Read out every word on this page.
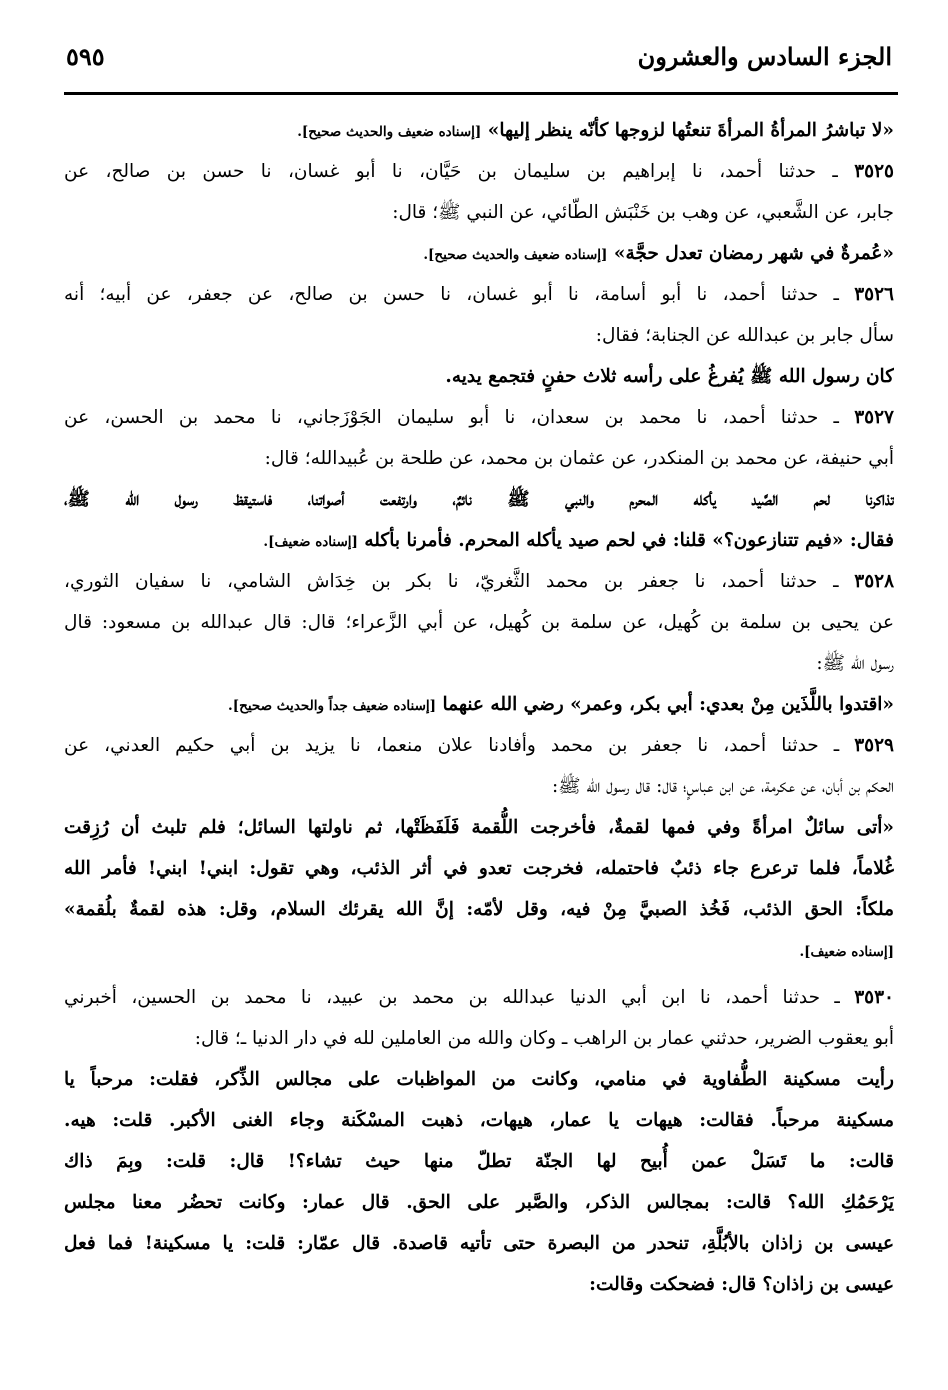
الجزء السادس والعشرون
٥٩٥
«لا تباشرُ المرأةُ المرأةَ تنعتُها لزوجها كأنّه ينظر إليها» [إسناده ضعيف والحديث صحيح].
٣٥٢٥ ـ حدثنا أحمد، نا إبراهيم بن سليمان بن حَيَّان، نا أبو غسان، نا حسن بن صالح، عن
جابر، عن الشَّعبي، عن وهب بن خَنْبَش الطّائي، عن النبي ﷺ؛ قال:
«عُمرةٌ في شهر رمضان تعدل حجَّة» [إسناده ضعيف والحديث صحيح].
٣٥٢٦ ـ حدثنا أحمد، نا أبو أسامة، نا أبو غسان، نا حسن بن صالح، عن جعفر، عن أبيه؛ أنه
سأل جابر بن عبدالله عن الجنابة؛ فقال:
كان رسول الله ﷺ يُفرغُ على رأسه ثلاث حفنٍ فتجمع يديه.
٣٥٢٧ ـ حدثنا أحمد، نا محمد بن سعدان، نا أبو سليمان الجَوْزَجاني، نا محمد بن الحسن، عن
أبي حنيفة، عن محمد بن المنكدر، عن عثمان بن محمد، عن طلحة بن عُبيدالله؛ قال:
تذاكرنا لحم الصَّيد يأكله المحرم والنبي ﷺ نائمٌ، وارتفعت أصواتنا، فاستيقظ رسول الله ﷺ،
فقال: «فيم تتنازعون؟» قلنا: في لحم صيد يأكله المحرم. فأمرنا بأكله [إسناده ضعيف].
٣٥٢٨ ـ حدثنا أحمد، نا جعفر بن محمد الثَّغريّ، نا بكر بن خِدَاش الشامي، نا سفيان الثوري،
عن يحيى بن سلمة بن كُهيل، عن سلمة بن كُهيل، عن أبي الزَّعراء؛ قال: قال عبدالله بن مسعود: قال
رسول الله ﷺ:
«اقتدوا باللَّذَين مِنْ بعدي: أبي بكر، وعمر» رضي الله عنهما [إسناده ضعيف جداً والحديث صحيح].
٣٥٢٩ ـ حدثنا أحمد، نا جعفر بن محمد وأفادنا علان منعما، نا يزيد بن أبي حكيم العدني، عن
الحكم بن أبان، عن عكرمة، عن ابن عباسٍ؛ قال: قال رسول الله ﷺ:
«أتى سائلٌ امرأةً وفي فمها لقمةٌ، فأخرجت اللُّقمة فَلَفَظَتْها، ثم ناولتها السائل؛ فلم تلبث أن رُزِقت
غُلاماً، فلما ترعرع جاء ذئبٌ فاحتمله، فخرجت تعدو في أثر الذئب، وهي تقول: ابني! ابني! فأمر الله
ملكاً: الحق الذئب، فَخُذ الصبيَّ مِنْ فيه، وقل لأمّه: إنَّ الله يقرئك السلام، وقل: هذه لقمةٌ بلُقمة»
[إسناده ضعيف].
٣٥٣٠ ـ حدثنا أحمد، نا ابن أبي الدنيا عبدالله بن محمد بن عبيد، نا محمد بن الحسين، أخبرني
أبو يعقوب الضرير، حدثني عمار بن الراهب ـ وكان والله من العاملين لله في دار الدنيا ـ؛ قال:
رأيت مسكينة الطُّفاوية في منامي، وكانت من المواظبات على مجالس الذِّكر، فقلت: مرحباً يا
مسكينة مرحباً. فقالت: هيهات يا عمار، هيهات، ذهبت المسْكَنة وجاء الغنى الأكبر. قلت: هيه.
قالت: ما تَسَلْ عمن أُبيح لها الجنّة تطلّ منها حيث تشاء؟! قال: قلت: وبِمَ ذاك
يَرْحَمُكِ الله؟ قالت: بمجالس الذكر، والصَّبر على الحق. قال عمار: وكانت تحضُر معنا مجلس
عيسى بن زاذان بالأبُلَّةِ، تنحدر من البصرة حتى تأتيه قاصدة. قال عمّار: قلت: يا مسكينة! فما فعل
عيسى بن زاذان؟ قال: فضحكت وقالت:
